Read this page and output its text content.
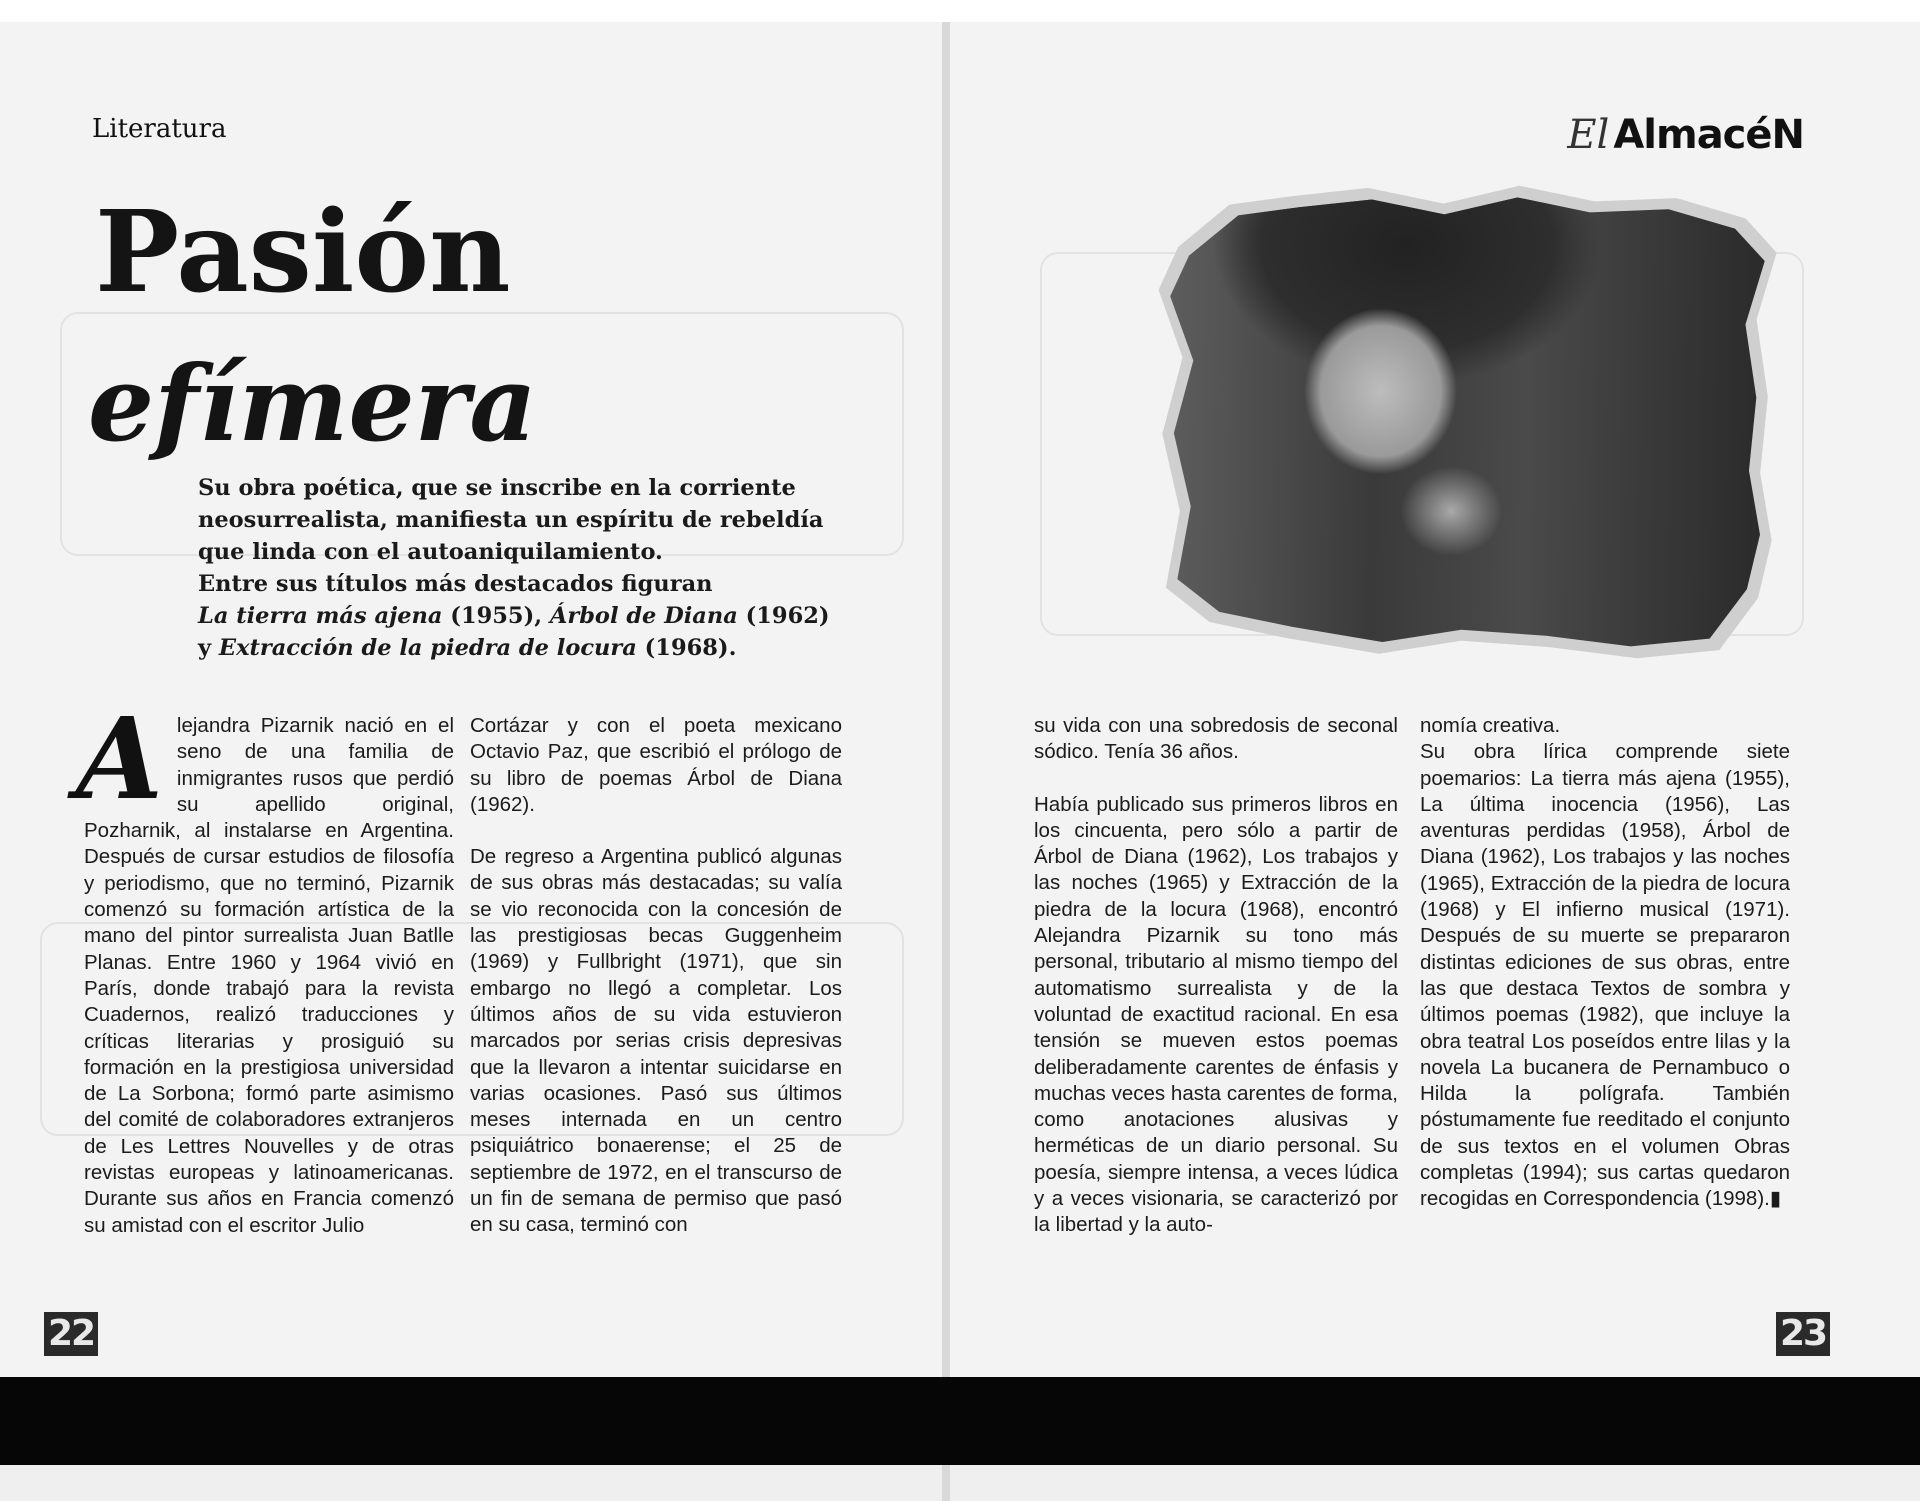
Literatura
Pasión
efímera
Su obra poética, que se inscribe en la corriente
neosurrealista, manifiesta un espíritu de rebeldía
que linda con el autoaniquilamiento.
Entre sus títulos más destacados figuran
La tierra más ajena (1955), Árbol de Diana (1962)
y Extracción de la piedra de locura (1968).

Alejandra Pizarnik nació en el seno de una familia de inmigrantes rusos que perdió su apellido original, Pozharnik, al instalarse en Argentina. Después de cursar estudios de filosofía y periodismo, que no terminó, Pizarnik comenzó su formación artística de la mano del pintor surrealista Juan Batlle Planas. Entre 1960 y 1964 vivió en París, donde trabajó para la revista Cuadernos, realizó traducciones y críticas literarias y prosiguió su formación en la prestigiosa universidad de La Sorbona; formó parte asimismo del comité de colaboradores extranjeros de Les Lettres Nouvelles y de otras revistas europeas y latinoamericanas. Durante sus años en Francia comenzó su amistad con el escritor Julio

Cortázar y con el poeta mexicano Octavio Paz, que escribió el prólogo de su libro de poemas Árbol de Diana (1962).

De regreso a Argentina publicó algunas de sus obras más destacadas; su valía se vio reconocida con la concesión de las prestigiosas becas Guggenheim (1969) y Fullbright (1971), que sin embargo no llegó a completar. Los últimos años de su vida estuvieron marcados por serias crisis depresivas que la llevaron a intentar suicidarse en varias ocasiones. Pasó sus últimos meses internada en un centro psiquiátrico bonaerense; el 25 de septiembre de 1972, en el transcurso de un fin de semana de permiso que pasó en su casa, terminó con

22
El AlmacéN

su vida con una sobredosis de seconal sódico. Tenía 36 años.

Había publicado sus primeros libros en los cincuenta, pero sólo a partir de Árbol de Diana (1962), Los trabajos y las noches (1965) y Extracción de la piedra de la locura (1968), encontró Alejandra Pizarnik su tono más personal, tributario al mismo tiempo del automatismo surrealista y de la voluntad de exactitud racional. En esa tensión se mueven estos poemas deliberadamente carentes de énfasis y muchas veces hasta carentes de forma, como anotaciones alusivas y herméticas de un diario personal. Su poesía, siempre intensa, a veces lúdica y a veces visionaria, se caracterizó por la libertad y la auto-

nomía creativa.

Su obra lírica comprende siete poemarios: La tierra más ajena (1955), La última inocencia (1956), Las aventuras perdidas (1958), Árbol de Diana (1962), Los trabajos y las noches (1965), Extracción de la piedra de locura (1968) y El infierno musical (1971). Después de su muerte se prepararon distintas ediciones de sus obras, entre las que destaca Textos de sombra y últimos poemas (1982), que incluye la obra teatral Los poseídos entre lilas y la novela La bucanera de Pernambuco o Hilda la polígrafa. También póstumamente fue reeditado el conjunto de sus textos en el volumen Obras completas (1994); sus cartas quedaron recogidas en Correspondencia (1998).▮

23
